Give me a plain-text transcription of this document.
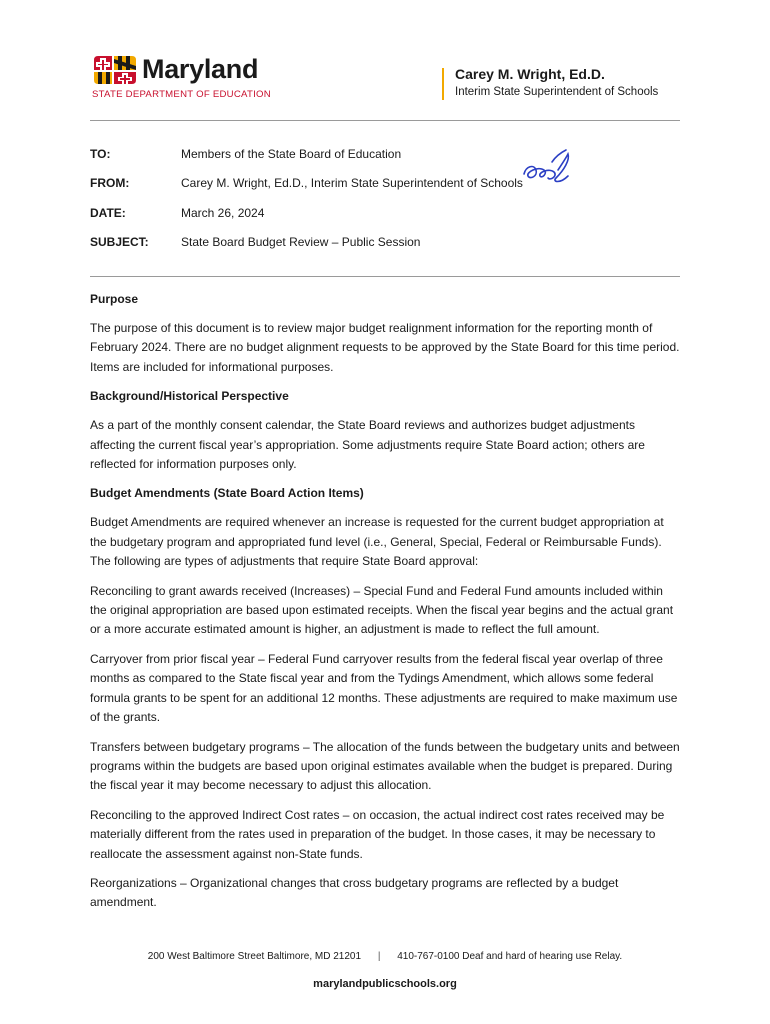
Maryland
STATE DEPARTMENT OF EDUCATION
Carey M. Wright, Ed.D.
Interim State Superintendent of Schools
TO:	Members of the State Board of Education
FROM:	Carey M. Wright, Ed.D., Interim State Superintendent of Schools
DATE:	March 26, 2024
SUBJECT:	State Board Budget Review – Public Session
Purpose

The purpose of this document is to review major budget realignment information for the reporting month of February 2024. There are no budget alignment requests to be approved by the State Board for this time period. Items are included for informational purposes.

Background/Historical Perspective

As a part of the monthly consent calendar, the State Board reviews and authorizes budget adjustments affecting the current fiscal year’s appropriation. Some adjustments require State Board action; others are reflected for information purposes only.

Budget Amendments (State Board Action Items)

Budget Amendments are required whenever an increase is requested for the current budget appropriation at the budgetary program and appropriated fund level (i.e., General, Special, Federal or Reimbursable Funds). The following are types of adjustments that require State Board approval:

Reconciling to grant awards received (Increases) – Special Fund and Federal Fund amounts included within the original appropriation are based upon estimated receipts. When the fiscal year begins and the actual grant or a more accurate estimated amount is higher, an adjustment is made to reflect the full amount.

Carryover from prior fiscal year – Federal Fund carryover results from the federal fiscal year overlap of three months as compared to the State fiscal year and from the Tydings Amendment, which allows some federal formula grants to be spent for an additional 12 months. These adjustments are required to make maximum use of the grants.

Transfers between budgetary programs – The allocation of the funds between the budgetary units and between programs within the budgets are based upon original estimates available when the budget is prepared. During the fiscal year it may become necessary to adjust this allocation.

Reconciling to the approved Indirect Cost rates – on occasion, the actual indirect cost rates received may be materially different from the rates used in preparation of the budget. In those cases, it may be necessary to reallocate the assessment against non-State funds.

Reorganizations – Organizational changes that cross budgetary programs are reflected by a budget amendment.

200 West Baltimore Street Baltimore, MD 21201 | 410-767-0100 Deaf and hard of hearing use Relay.
marylandpublicschools.org
